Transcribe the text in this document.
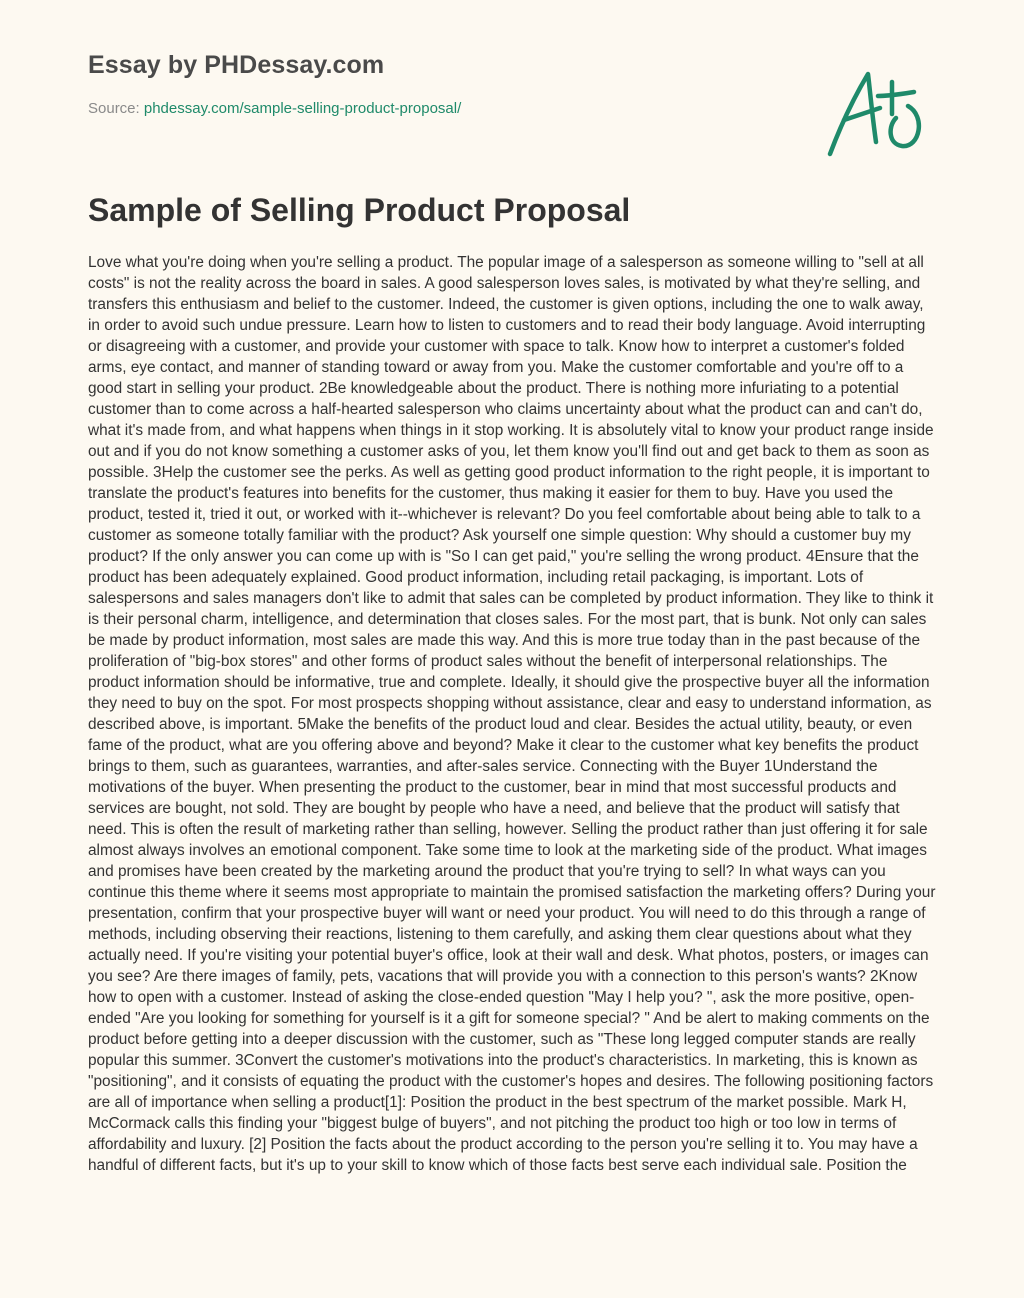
Essay by PHDessay.com
Source: phdessay.com/sample-selling-product-proposal/
Sample of Selling Product Proposal

Love what you're doing when you're selling a product. The popular image of a salesperson as someone willing to "sell at all costs" is not the reality across the board in sales. A good salesperson loves sales, is motivated by what they're selling, and transfers this enthusiasm and belief to the customer. Indeed, the customer is given options, including the one to walk away, in order to avoid such undue pressure. Learn how to listen to customers and to read their body language. Avoid interrupting or disagreeing with a customer, and provide your customer with space to talk. Know how to interpret a customer's folded arms, eye contact, and manner of standing toward or away from you. Make the customer comfortable and you're off to a good start in selling your product. 2Be knowledgeable about the product. There is nothing more infuriating to a potential customer than to come across a half-hearted salesperson who claims uncertainty about what the product can and can't do, what it's made from, and what happens when things in it stop working. It is absolutely vital to know your product range inside out and if you do not know something a customer asks of you, let them know you'll find out and get back to them as soon as possible. 3Help the customer see the perks. As well as getting good product information to the right people, it is important to translate the product's features into benefits for the customer, thus making it easier for them to buy. Have you used the product, tested it, tried it out, or worked with it--whichever is relevant? Do you feel comfortable about being able to talk to a customer as someone totally familiar with the product? Ask yourself one simple question: Why should a customer buy my product? If the only answer you can come up with is "So I can get paid," you're selling the wrong product. 4Ensure that the product has been adequately explained. Good product information, including retail packaging, is important. Lots of salespersons and sales managers don't like to admit that sales can be completed by product information. They like to think it is their personal charm, intelligence, and determination that closes sales. For the most part, that is bunk. Not only can sales be made by product information, most sales are made this way. And this is more true today than in the past because of the proliferation of "big-box stores" and other forms of product sales without the benefit of interpersonal relationships. The product information should be informative, true and complete. Ideally, it should give the prospective buyer all the information they need to buy on the spot. For most prospects shopping without assistance, clear and easy to understand information, as described above, is important. 5Make the benefits of the product loud and clear. Besides the actual utility, beauty, or even fame of the product, what are you offering above and beyond? Make it clear to the customer what key benefits the product brings to them, such as guarantees, warranties, and after-sales service. Connecting with the Buyer 1Understand the motivations of the buyer. When presenting the product to the customer, bear in mind that most successful products and services are bought, not sold. They are bought by people who have a need, and believe that the product will satisfy that need. This is often the result of marketing rather than selling, however. Selling the product rather than just offering it for sale almost always involves an emotional component. Take some time to look at the marketing side of the product. What images and promises have been created by the marketing around the product that you're trying to sell? In what ways can you continue this theme where it seems most appropriate to maintain the promised satisfaction the marketing offers? During your presentation, confirm that your prospective buyer will want or need your product. You will need to do this through a range of methods, including observing their reactions, listening to them carefully, and asking them clear questions about what they actually need. If you're visiting your potential buyer's office, look at their wall and desk. What photos, posters, or images can you see? Are there images of family, pets, vacations that will provide you with a connection to this person's wants? 2Know how to open with a customer. Instead of asking the close-ended question "May I help you? ", ask the more positive, open-ended "Are you looking for something for yourself is it a gift for someone special? " And be alert to making comments on the product before getting into a deeper discussion with the customer, such as "These long legged computer stands are really popular this summer. 3Convert the customer's motivations into the product's characteristics. In marketing, this is known as "positioning", and it consists of equating the product with the customer's hopes and desires. The following positioning factors are all of importance when selling a product[1]: Position the product in the best spectrum of the market possible. Mark H, McCormack calls this finding your "biggest bulge of buyers", and not pitching the product too high or too low in terms of affordability and luxury. [2] Position the facts about the product according to the person you're selling it to. You may have a handful of different facts, but it's up to your skill to know which of those facts best serve each individual sale. Position the
